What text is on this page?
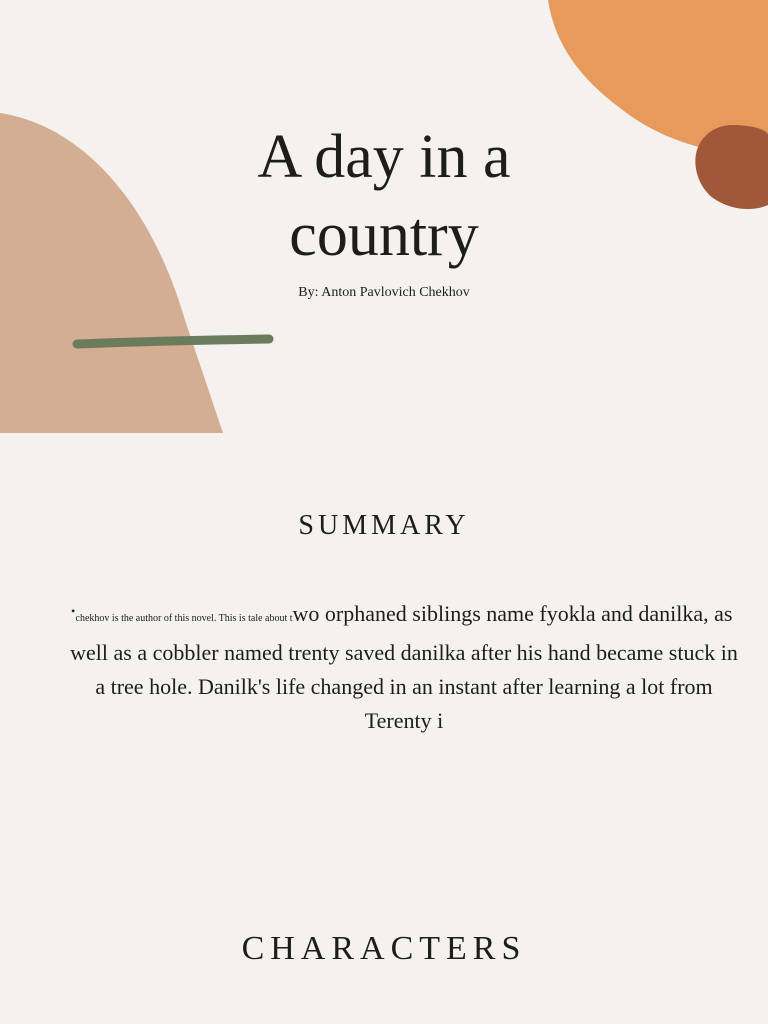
A day in a
country
By: Anton Pavlovich Chekhov
SUMMARY
•

chekhov is the author of this novel. This is tale about two orphaned siblings name fyokla and danilka, as well as a cobbler named trenty saved danilka after his hand became stuck in a tree hole. Danilk's life changed in an instant after learning a lot from Terenty i

CHARACTERS
